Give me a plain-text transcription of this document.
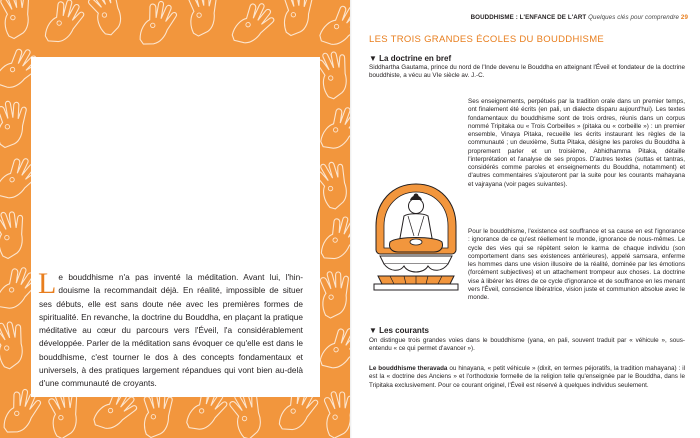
Le bouddhisme n'a pas inventé la méditation. Avant lui, l'hin-douisme la recommandait déjà. En réalité, impossible de situer ses débuts, elle est sans doute née avec les premières formes de spiritualité. En revanche, la doctrine du Bouddha, en plaçant la pratique méditative au cœur du parcours vers l'Éveil, l'a considérablement développée. Parler de la méditation sans évoquer ce qu'elle est dans le bouddhisme, c'est tourner le dos à des concepts fondamentaux et universels, à des pratiques largement répandues qui vont bien au-delà d'une communauté de croyants.
BOUDDHISME : L'ENFANCE DE L'ART Quelques clés pour comprendre 29
LES TROIS GRANDES ÉCOLES DU BOUDDHISME
▼ La doctrine en bref
Siddhartha Gautama, prince du nord de l'Inde devenu le Bouddha en atteignant l'Éveil et fondateur de la doctrine bouddhiste, a vécu au VIe siècle av. J.-C.
Ses enseignements, perpétués par la tradition orale dans un premier temps, ont finalement été écrits (en pali, un dialecte disparu aujourd'hui). Les textes fondamentaux du bouddhisme sont de trois ordres, réunis dans un corpus nommé Tripitaka ou « Trois Corbeilles » (pitaka ou « corbeille ») : un premier ensemble, Vinaya Pitaka, recueille les écrits instaurant les règles de la communauté ; un deuxième, Sutta Pitaka, désigne les paroles du Bouddha à proprement parler et un troisième, Abhidhamma Pitaka, détaille l'interprétation et l'analyse de ses propos. D'autres textes (suttas et tantras, considérés comme paroles et enseignements du Bouddha, notamment) et d'autres commentaires s'ajouteront par la suite pour les courants mahayana et vajrayana (voir pages suivantes).
Pour le bouddhisme, l'existence est souffrance et sa cause en est l'ignorance : ignorance de ce qu'est réellement le monde, ignorance de nous-mêmes. Le cycle des vies qui se répètent selon le karma de chaque individu (son comportement dans ses existences antérieures), appelé samsara, enferme les hommes dans une vision illusoire de la réalité, dominée par les émotions (forcément subjectives) et un attachement trompeur aux choses. La doctrine vise à libérer les êtres de ce cycle d'ignorance et de souffrance en les menant vers l'Éveil, conscience libératrice, vision juste et communion absolue avec le monde.
▼ Les courants
On distingue trois grandes voies dans le bouddhisme (yana, en pali, souvent traduit par « véhicule », sous-entendu « ce qui permet d'avancer »).
Le bouddhisme theravada ou hinayana, « petit véhicule » (dixit, en termes péjoratifs, la tradition mahayana) : il est la « doctrine des Anciens » et l'orthodoxie formelle de la religion telle qu'enseignée par le Bouddha, dans le Tripitaka exclusivement. Pour ce courant originel, l'Éveil est réservé à quelques individus seulement.
